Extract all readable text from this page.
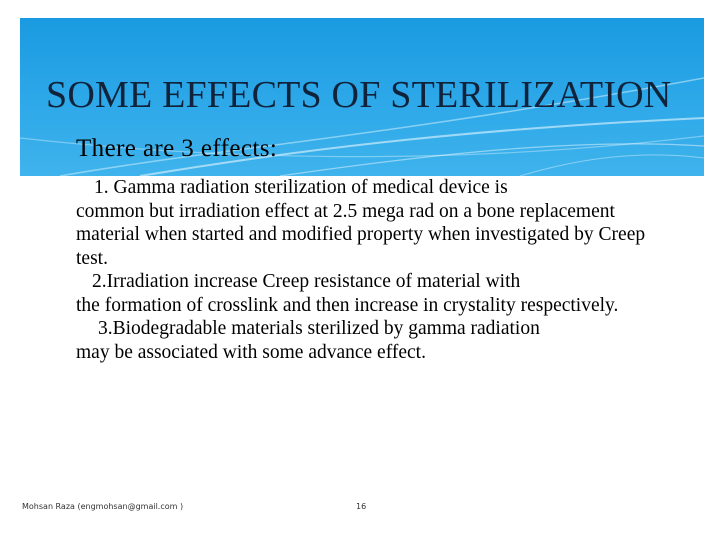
SOME EFFECTS OF STERILIZATION
There are 3 effects:

1. Gamma radiation sterilization of medical device is
common but irradiation effect at 2.5 mega rad on a bone replacement material when started and modified property when investigated by Creep test.

2.Irradiation increase Creep resistance of material with
the formation of crosslink and then increase in crystality respectively.

3.Biodegradable materials sterilized by gamma radiation
may be associated with some advance effect.

Mohsan Raza (engmohsan@gmail.com )	16
